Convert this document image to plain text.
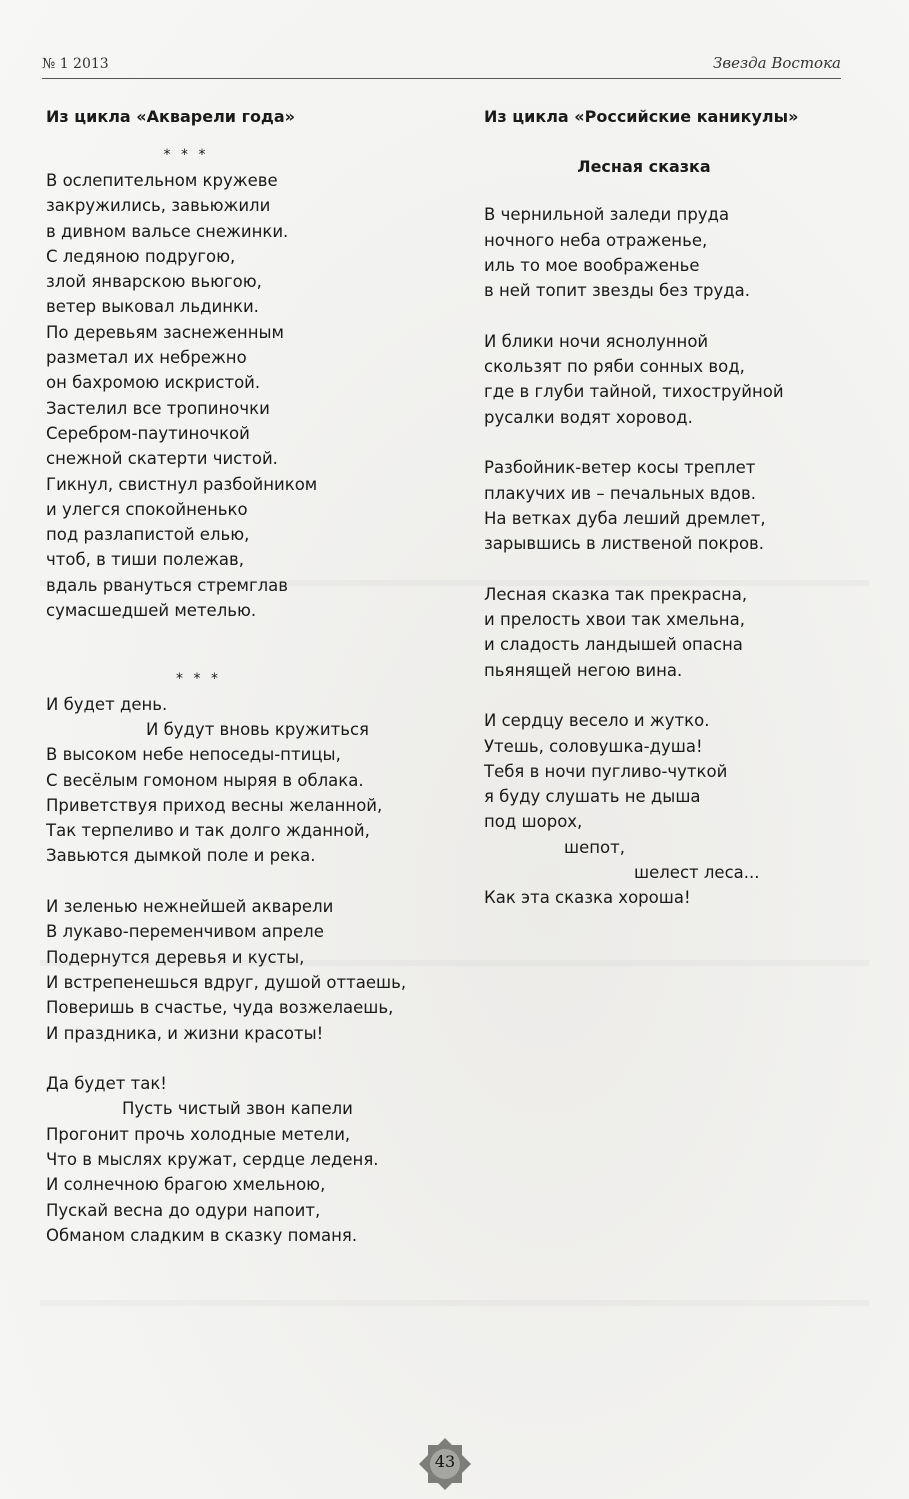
№ 1 2013	Звезда Востока
Из цикла «Акварели года»
* * *
В ослепительном кружеве
закружились, завьюжили
в дивном вальсе снежинки.
С ледяною подругою,
злой январскою вьюгою,
ветер выковал льдинки.
По деревьям заснеженным
разметал их небрежно
он бахромою искристой.
Застелил все тропиночки
Серебром-паутиночкой
снежной скатерти чистой.
Гикнул, свистнул разбойником
и улегся спокойненько
под разлапистой елью,
чтоб, в тиши полежав,
вдаль рвануться стремглав
сумасшедшей метелью.
* * *
И будет день.
И будут вновь кружиться
В высоком небе непоседы-птицы,
С весёлым гомоном ныряя в облака.
Приветствуя приход весны желанной,
Так терпеливо и так долго жданной,
Завьются дымкой поле и река.
И зеленью нежнейшей акварели
В лукаво-переменчивом апреле
Подернутся деревья и кусты,
И встрепенешься вдруг, душой оттаешь,
Поверишь в счастье, чуда возжелаешь,
И праздника, и жизни красоты!
Да будет так!
Пусть чистый звон капели
Прогонит прочь холодные метели,
Что в мыслях кружат, сердце леденя.
И солнечною брагою хмельною,
Пускай весна до одури напоит,
Обманом сладким в сказку поманя.
Из цикла «Российские каникулы»
Лесная сказка
В чернильной заледи пруда
ночного неба отраженье,
иль то мое воображенье
в ней топит звезды без труда.
И блики ночи яснолунной
скользят по ряби сонных вод,
где в глуби тайной, тихоструйной
русалки водят хоровод.
Разбойник-ветер косы треплет
плакучих ив – печальных вдов.
На ветках дуба леший дремлет,
зарывшись в лиственой покров.
Лесная сказка так прекрасна,
и прелость хвои так хмельна,
и сладость ландышей опасна
пьянящей негою вина.
И сердцу весело и жутко.
Утешь, соловушка-душа!
Тебя в ночи пугливо-чуткой
я буду слушать не дыша
под шорох,
шепот,
шелест леса...
Как эта сказка хороша!
43
